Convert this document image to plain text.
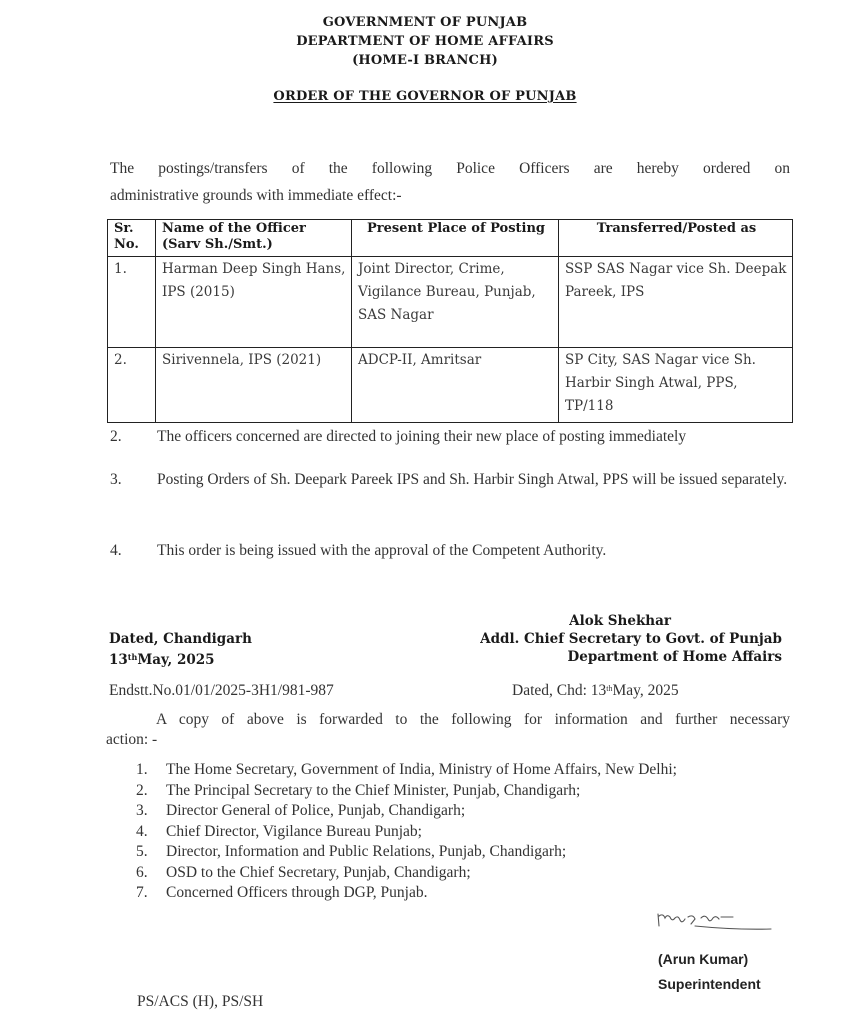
GOVERNMENT OF PUNJAB
DEPARTMENT OF HOME AFFAIRS
(HOME-I BRANCH)
ORDER OF THE GOVERNOR OF PUNJAB
The postings/transfers of the following Police Officers are hereby ordered on
administrative grounds with immediate effect:-
Sr. No.	Name of the Officer (Sarv Sh./Smt.)	Present Place of Posting	Transferred/Posted as
1.	Harman Deep Singh Hans, IPS (2015)	Joint Director, Crime, Vigilance Bureau, Punjab, SAS Nagar	SSP SAS Nagar vice Sh. Deepak Pareek, IPS
2.	Sirivennela, IPS (2021)	ADCP-II, Amritsar	SP City, SAS Nagar vice Sh. Harbir Singh Atwal, PPS, TP/118
2.	The officers concerned are directed to joining their new place of posting immediately
3.	Posting Orders of Sh. Deepark Pareek IPS and Sh. Harbir Singh Atwal, PPS will be issued separately.
4.	This order is being issued with the approval of the Competent Authority.
Alok Shekhar
Addl. Chief Secretary to Govt. of Punjab
Department of Home Affairs
Dated, Chandigarh
13thMay, 2025
Endstt.No.01/01/2025-3H1/981-987	Dated, Chd: 13thMay, 2025
A copy of above is forwarded to the following for information and further necessary
action: -
1.	The Home Secretary, Government of India, Ministry of Home Affairs, New Delhi;
2.	The Principal Secretary to the Chief Minister, Punjab, Chandigarh;
3.	Director General of Police, Punjab, Chandigarh;
4.	Chief Director, Vigilance Bureau Punjab;
5.	Director, Information and Public Relations, Punjab, Chandigarh;
6.	OSD to the Chief Secretary, Punjab, Chandigarh;
7.	Concerned Officers through DGP, Punjab.
(Arun Kumar)
Superintendent
PS/ACS (H), PS/SH
